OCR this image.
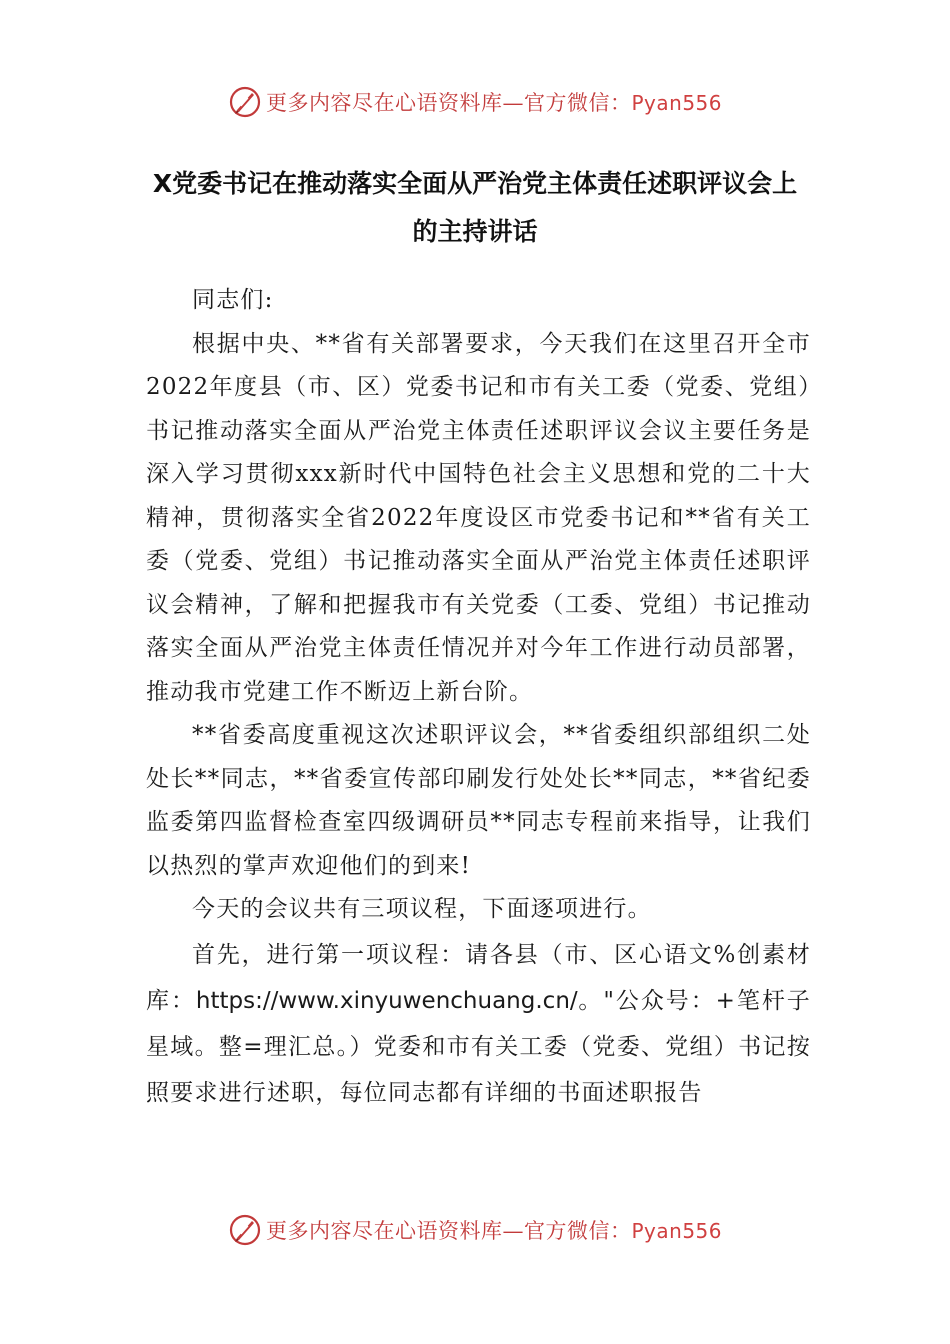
更多内容尽在心语资料库—官方微信：Pyan556
X党委书记在推动落实全面从严治党主体责任述职评议会上
的主持讲话

同志们:

根据中央、**省有关部署要求，今天我们在这里召开全市2022年度县（市、区）党委书记和市有关工委（党委、党组）书记推动落实全面从严治党主体责任述职评议会议主要任务是深入学习贯彻xxx新时代中国特色社会主义思想和党的二十大精神，贯彻落实全省2022年度设区市党委书记和**省有关工委（党委、党组）书记推动落实全面从严治党主体责任述职评议会精神，了解和把握我市有关党委（工委、党组）书记推动落实全面从严治党主体责任情况并对今年工作进行动员部署，推动我市党建工作不断迈上新台阶。

**省委高度重视这次述职评议会，**省委组织部组织二处处长**同志，**省委宣传部印刷发行处处长**同志，**省纪委监委第四监督检查室四级调研员**同志专程前来指导，让我们以热烈的掌声欢迎他们的到来!

今天的会议共有三项议程，下面逐项进行。

首先，进行第一项议程：请各县（市、区心语文%创素材库：https://www.xinyuwenchuang.cn/。"公众号：+笔杆子星域。整=理汇总。）党委和市有关工委（党委、党组）书记按照要求进行述职，每位同志都有详细的书面述职报告

更多内容尽在心语资料库—官方微信：Pyan556
